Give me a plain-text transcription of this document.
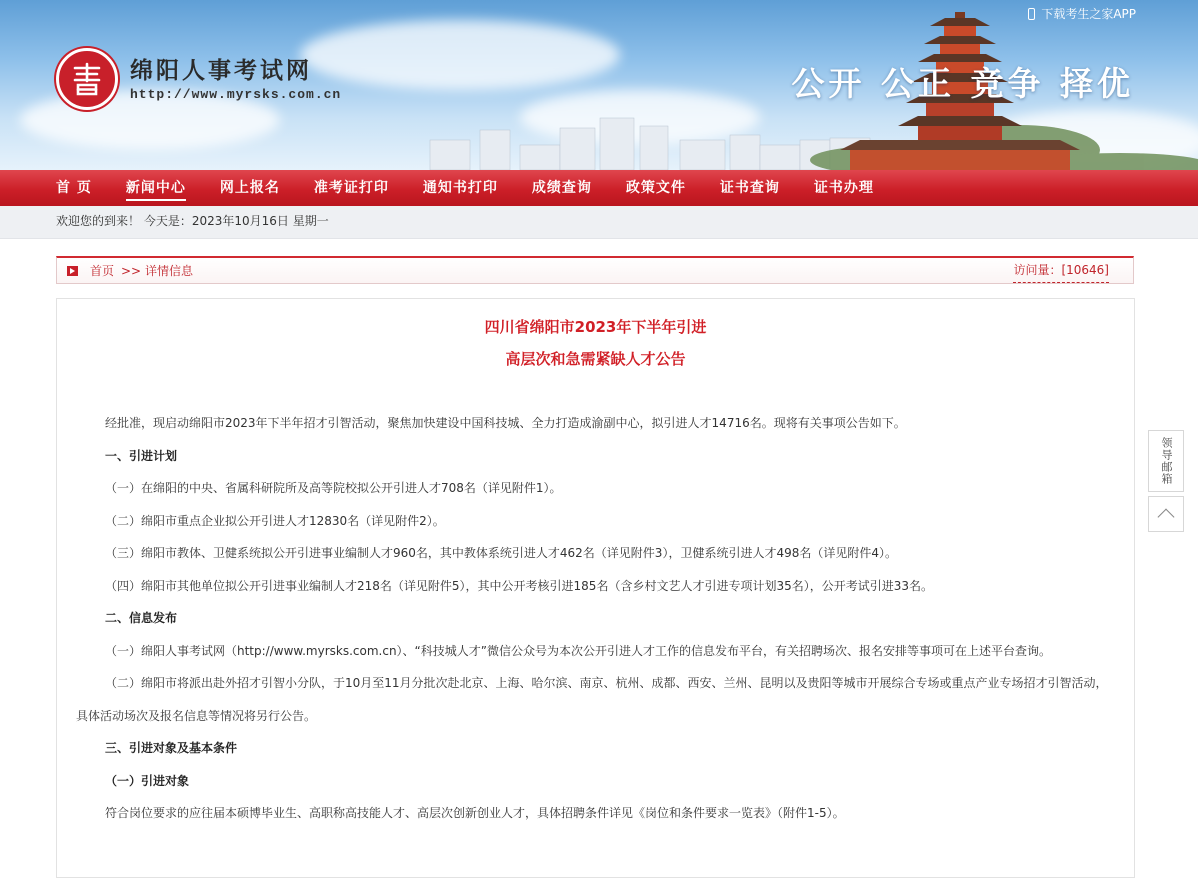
绵阳人事考试网
http://www.myrsks.com.cn
下载考生之家APP
公开 公正 竞争 择优
首 页 新闻中心 网上报名 准考证打印 通知书打印 成绩查询 政策文件 证书查询 证书办理
欢迎您的到来！ 今天是：2023年10月16日 星期一
首页 >> 详情信息	访问量：[10646]
四川省绵阳市2023年下半年引进
高层次和急需紧缺人才公告

经批准，现启动绵阳市2023年下半年招才引智活动，聚焦加快建设中国科技城、全力打造成渝副中心，拟引进人才14716名。现将有关事项公告如下。

一、引进计划

（一）在绵阳的中央、省属科研院所及高等院校拟公开引进人才708名（详见附件1）。

（二）绵阳市重点企业拟公开引进人才12830名（详见附件2）。

（三）绵阳市教体、卫健系统拟公开引进事业编制人才960名，其中教体系统引进人才462名（详见附件3），卫健系统引进人才498名（详见附件4）。

（四）绵阳市其他单位拟公开引进事业编制人才218名（详见附件5），其中公开考核引进185名（含乡村文艺人才引进专项计划35名），公开考试引进33名。

二、信息发布

（一）绵阳人事考试网（http://www.myrsks.com.cn）、“科技城人才”微信公众号为本次公开引进人才工作的信息发布平台，有关招聘场次、报名安排等事项可在上述平台查询。

（二）绵阳市将派出赴外招才引智小分队，于10月至11月分批次赴北京、上海、哈尔滨、南京、杭州、成都、西安、兰州、昆明以及贵阳等城市开展综合专场或重点产业专场招才引智活动，具体活动场次及报名信息等情况将另行公告。

三、引进对象及基本条件

（一）引进对象

符合岗位要求的应往届本硕博毕业生、高职称高技能人才、高层次创新创业人才，具体招聘条件详见《岗位和条件要求一览表》（附件1-5）。

领导邮箱
